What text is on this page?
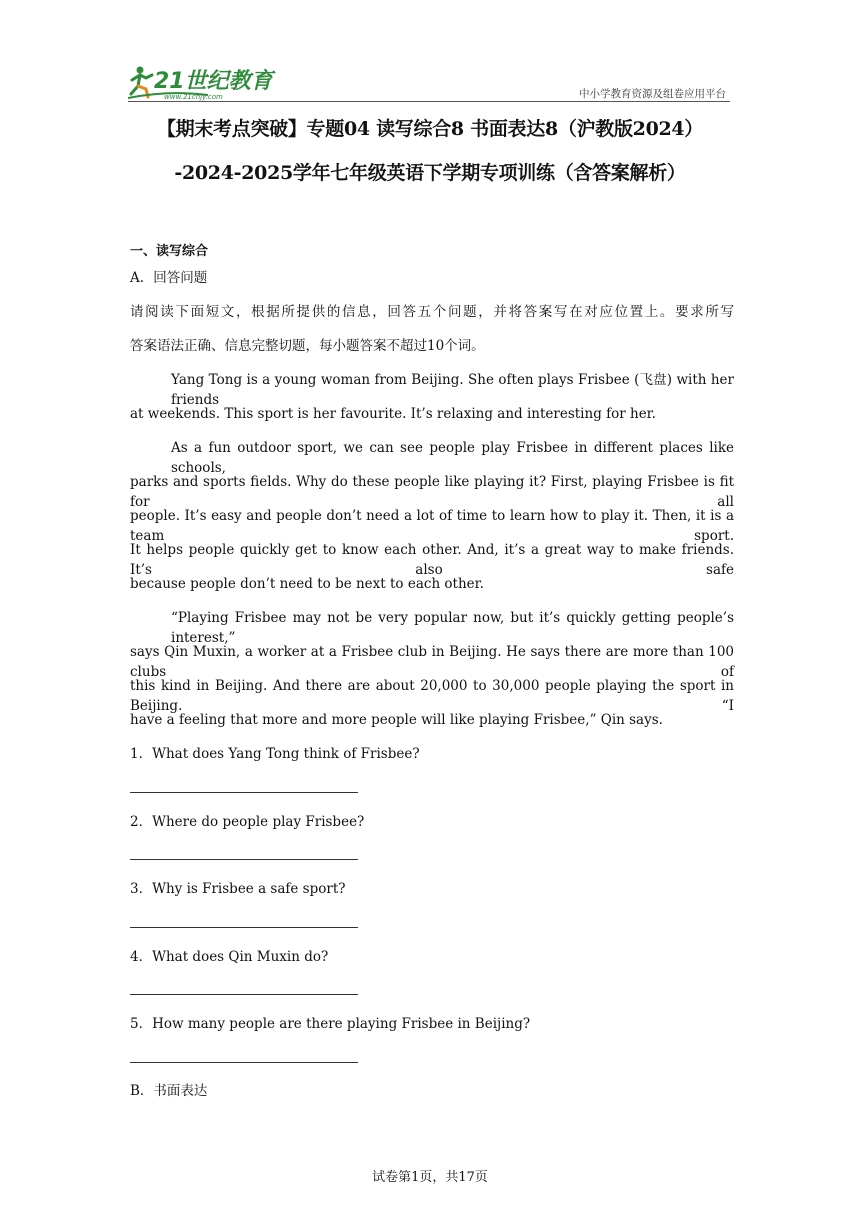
21世纪教育
www.21cnjy.com	中小学教育资源及组卷应用平台
【期末考点突破】专题04 读写综合8 书面表达8（沪教版2024）
-2024-2025学年七年级英语下学期专项训练（含答案解析）
一、读写综合
A．回答问题
请阅读下面短文，根据所提供的信息，回答五个问题，并将答案写在对应位置上。要求所写
答案语法正确、信息完整切题，每小题答案不超过10个词。
Yang Tong is a young woman from Beijing. She often plays Frisbee (飞盘) with her friends
at weekends. This sport is her favourite. It’s relaxing and interesting for her.
As a fun outdoor sport, we can see people play Frisbee in different places like schools,
parks and sports fields. Why do these people like playing it? First, playing Frisbee is fit for all
people. It’s easy and people don’t need a lot of time to learn how to play it. Then, it is a team sport.
It helps people quickly get to know each other. And, it’s a great way to make friends. It’s also safe
because people don’t need to be next to each other.
“Playing Frisbee may not be very popular now, but it’s quickly getting people’s interest,”
says Qin Muxin, a worker at a Frisbee club in Beijing. He says there are more than 100 clubs of
this kind in Beijing. And there are about 20,000 to 30,000 people playing the sport in Beijing. “I
have a feeling that more and more people will like playing Frisbee,” Qin says.
1．What does Yang Tong think of Frisbee?
2．Where do people play Frisbee?
3．Why is Frisbee a safe sport?
4．What does Qin Muxin do?
5．How many people are there playing Frisbee in Beijing?
B．书面表达
试卷第1页，共17页
